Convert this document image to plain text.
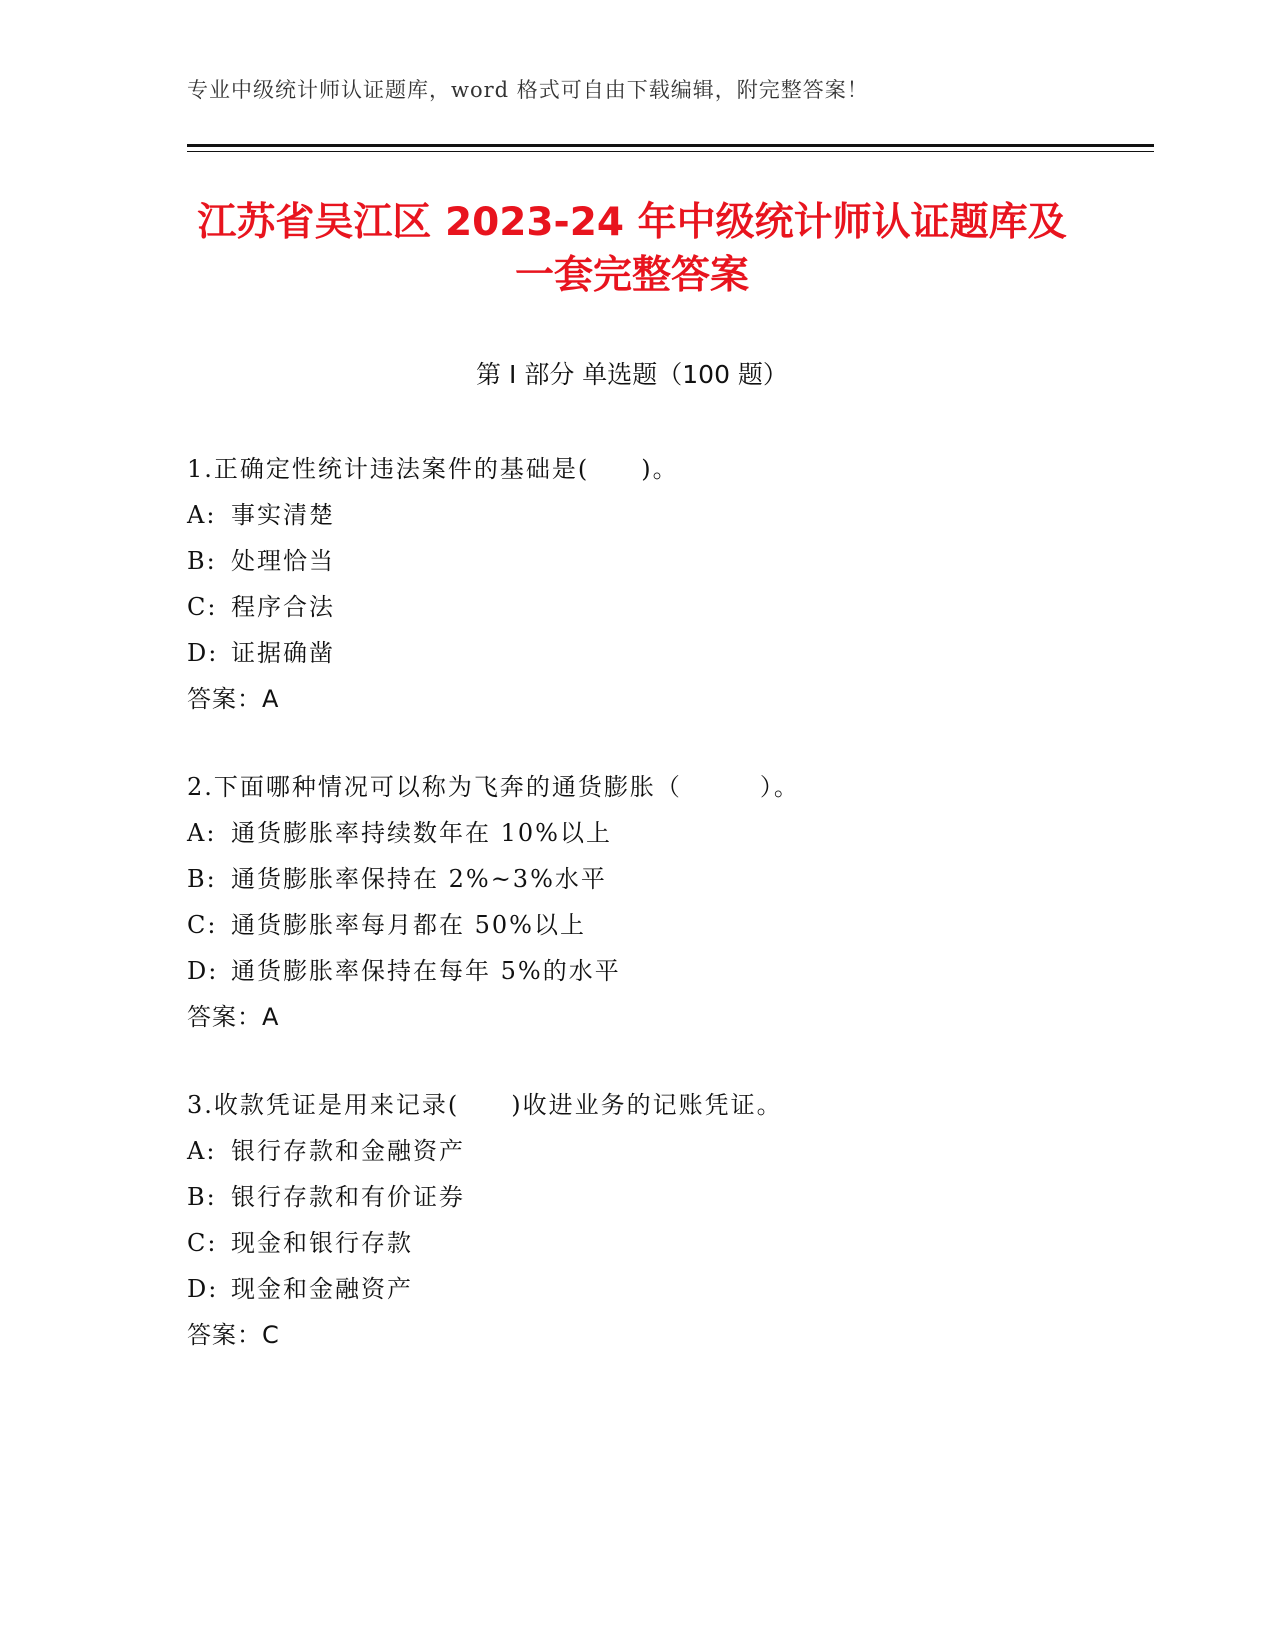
专业中级统计师认证题库，word 格式可自由下载编辑，附完整答案！
江苏省吴江区 2023-24 年中级统计师认证题库及一套完整答案
第 I 部分 单选题（100 题）
1.正确定性统计违法案件的基础是(　　)。
A: 事实清楚
B: 处理恰当
C: 程序合法
D: 证据确凿
答案：A
2.下面哪种情况可以称为飞奔的通货膨胀（　　　）。
A: 通货膨胀率持续数年在 10%以上
B: 通货膨胀率保持在 2%~3%水平
C: 通货膨胀率每月都在 50%以上
D: 通货膨胀率保持在每年 5%的水平
答案：A
3.收款凭证是用来记录(　　)收进业务的记账凭证。
A: 银行存款和金融资产
B: 银行存款和有价证券
C: 现金和银行存款
D: 现金和金融资产
答案：C
